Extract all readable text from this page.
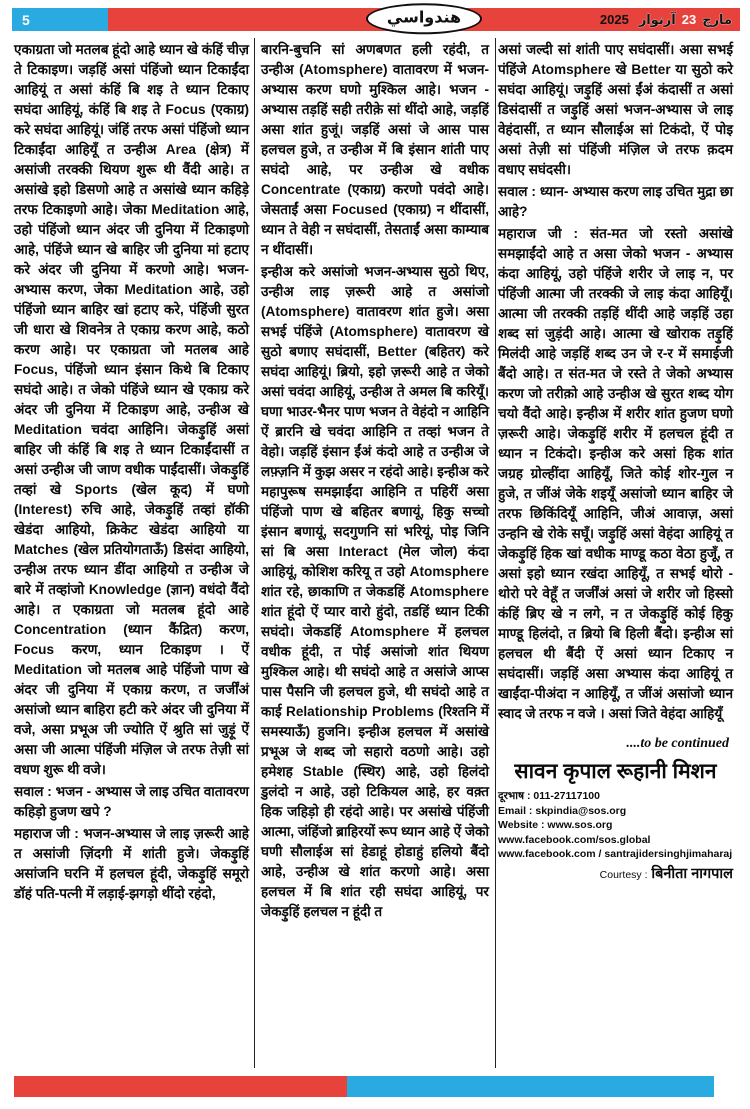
5	هندواسي	2025 آرتوار 23 مارچ

एकाग्रता जो मतलब हूंदो आहे ध्यान खे कंहिं चीज़ ते टिकाइण। जड़हिं असां पंहिंजो ध्यान टिकाईंदा आहियूं त असां कंहिं बि शइ ते ध्यान टिकाए सघंदा आहियूं, कंहिं बि शइ ते Focus (एकाग्र) करे सघंदा आहियूं। जंहिं तरफ असां पंहिंजो ध्यान टिकाईंदा आहियूँ त उन्हीअ Area (क्षेत्र) में असांजी तरक्की थियण शुरू थी वैंदी आहे। त असांखे इहो डिसणो आहे त असांखे ध्यान कहिड़े तरफ टिकाइणो आहे। जेका Meditation आहे, उहो पंहिंजो ध्यान अंदर जी दुनिया में टिकाइणो आहे, पंहिंजे ध्यान खे बाहिर जी दुनिया मां हटाए करे अंदर जी दुनिया में करणो आहे। भजन-अभ्यास करण, जेका Meditation आहे, उहो पंहिंजो ध्यान बाहिर खां हटाए करे, पंहिंजी सुरत जी धारा खे शिवनेत्र ते एकाग्र करण आहे, कठो करण आहे। पर एकाग्रता जो मतलब आहे Focus, पंहिंजो ध्यान इंसान किथे बि टिकाए सघंदो आहे। त जेको पंहिंजे ध्यान खे एकाग्र करे अंदर जी दुनिया में टिकाइण आहे, उन्हीअ खे Meditation चवंदा आहिनि। जेकड़ुहिं असां बाहिर जी कंहिं बि शइ ते ध्यान टिकाईंदासीं त असां उन्हीअ जी जाण वधीक पाईंदासीं। जेकड़ुहिं तव्हां खे Sports (खेल कूद) में घणो (Interest) रुचि आहे, जेकड़ुहिं तव्हां हॉकी खेडंदा आहियो, क्रिकेट खेडंदा आहियो या Matches (खेल प्रतियोगताऊँ) डिसंदा आहियो, उन्हीअ तरफ ध्यान डींदा आहियो त उन्हीअ जे बारे में तव्हांजो Knowledge (ज्ञान) वधंदो वैंदो आहे। त एकाग्रता जो मतलब हूंदो आहे Concentration (ध्यान कैंद्रित) करण, Focus करण, ध्यान टिकाइण । ऐं Meditation जो मतलब आहे पंहिंजो पाण खे अंदर जी दुनिया में एकाग्र करण, त जर्जींअं असांजो ध्यान बाहिरा हटी करे अंदर जी दुनिया में वजे, असा प्रभूअ जी ज्योति ऐं श्रुति सां जुड़ूं ऐं असा जी आत्मा पंहिंजी मंज़िल जे तरफ तेज़ी सां वधण शुरू थी वजे।

सवाल : भजन - अभ्यास जे लाइ उचित वातावरण कहिड़ो हुजण खपे ?

महाराज जी : भजन-अभ्यास जे लाइ ज़रूरी आहे त असांजी ज़िंदगी में शांती हुजे। जेकड़ुहिं असांजनि घरनि में हलचल हूंदी, जेकड़ुहिं समूरो डॉहं पति-पत्नी में लड़ाई-झगड़ो थींदो रहंदो,

बारनि-बुचनि सां अणबणत हली रहंदी, त उन्हीअ (Atomsphere) वातावरण में भजन-अभ्यास करण घणो मुश्किल आहे। भजन - अभ्यास तड़हिं सही तरीक़े सां थींदो आहे, जड़हिं असा शांत हुजूं। जड़हिं असां जे आस पास हलचल हुजे, त उन्हीअ में बि इंसान शांती पाए सघंदो आहे, पर उन्हीअ खे वधीक Concentrate (एकाग्र) करणो पवंदो आहे। जेसताईं असा Focused (एकाग्र) न थींदासीं, ध्यान ते वेही न सघंदासीं, तेसताईं असा काम्याब न थींदासीं।

इन्हीअ करे असांजो भजन-अभ्यास सुठो थिए, उन्हीअ लाइ ज़रूरी आहे त असांजो (Atomsphere) वातावरण शांत हुजे। असा सभई पंहिंजे (Atomsphere) वातावरण खे सुठो बणाए सघंदासीं, Better (बहितर) करे सघंदा आहियूं। ब्रियो, इहो ज़रूरी आहे त जेको असां चवंदा आहियूं, उन्हीअ ते अमल बि करियूँ। घणा भाउर-भैनर पाण भजन ते वेहंदो न आहिनि ऐं ब्रारनि खे चवंदा आहिनि त तव्हां भजन ते वेहो। जड़हिं इंसान ईंअं कंदो आहे त उन्हीअ जे लफ़्ज़नि में कुझ असर न रहंदो आहे। इन्हीअ करे महापुरूष समझाईंदा आहिनि त पहिरीं असा पंहिंजो पाण खे बहितर बणायूं, हिकु सच्चो इंसान बणायूं, सदगुणनि सां भरियूं, पोइ जिनि सां बि असा Interact (मेल जोल) कंदा आहियूं, कोशिश करियू त उहो Atomsphere शांत रहे, छाकाणि त जेकडहिं Atomsphere शांत हूंदो ऐं प्यार वारो हुंदो, तडहिं ध्यान टिकी सघंदो। जेकडहिं Atomsphere में हलचल वधीक हूंदी, त पोई असांजो शांत थियण मुश्किल आहे। थी सघंदो आहे त असांजे आप्स पास पैसनि जी हलचल हुजे, थी सघंदो आहे त काई Relationship Problems (रिश्तनि में समस्याऊँ) हुजनि। इन्हीअ हलचल में असांखे प्रभूअ जे शब्द जो सहारो वठणो आहे। उहो हमेशह Stable (स्थिर) आहे, उहो हिलंदो डुलंदो न आहे, उहो टिकियल आहे, हर वक़्त हिक जहिड़ो ही रहंदो आहे। पर असांखे पंहिंजी आत्मा, जंहिंजो ब्राहिरयों रूप ध्यान आहे ऐं जेको घणी सौलाईअ सां हेडाहूं होडाहुं हलियो बैंदो आहे, उन्हीअ खे शांत करणो आहे। असा हलचल में बि शांत रही सघंदा आहियूं, पर जेकड़ुहिं हलचल न हूंदी त

असां जल्दी सां शांती पाए सघंदासीं। असा सभई पंहिंजे Atomsphere खे Better या सुठो करे सघंदा आहियूं। जड़ुहिं असां ईंअं कंदासीं त असां डिसंदासीं त जड़ुहिं असां भजन-अभ्यास जे लाइ वेहंदासीं, त ध्यान सौलाईअ सां टिकंदो, ऐं पोइ असां तेज़ी सां पंहिंजी मंज़िल जे तरफ क़दम वधाए सघंदसी।

सवाल : ध्यान- अभ्यास करण लाइ उचित मुद्रा छा आहे?

महाराज जी : संत-मत जो रस्तो असांखे समझाईंदो आहे त असा जेको भजन - अभ्यास कंदा आहियूं, उहो पंहिंजे शरीर जे लाइ न, पर पंहिंजी आत्मा जी तरक्की जे लाइ कंदा आहियूँ। आत्मा जी तरक्की तड़हिं थींदी आहे जड़हिं उहा शब्द सां जुड़ंदी आहे। आत्मा खे खोराक तड़ुहिं मिलंदी आहे जड़हिं शब्द उन जे र-र में समाईजी बैंदो आहे। त संत-मत जे रस्ते ते जेको अभ्यास करण जो तरीक़ो आहे उन्हीअ खे सुरत शब्द योग चयो वैंदो आहे। इन्हीअ में शरीर शांत हुजण घणो ज़रूरी आहे। जेकड़ुहिं शरीर में हलचल हूंदी त ध्यान न टिकंदो। इन्हीअ करे असां हिक शांत जग्रह ग्रोल्हींदा आहियूँ, जिते कोई शोर-गुल न हुजे, त जींअं जेके शइयूँ असांजो ध्यान बाहिर जे तरफ छिकिंदियूँ आहिनि, जीअं आवाज़, असां उन्हनि खे रोके सघूँ। जड़ुहिं असां वेहंदा आहियूं त जेकड़ुहिं हिक खां वधीक माण्डू कठा वेठा हुजूँ, त असां इहो ध्यान रखंदा आहियूँ, त सभई थोरो - थोरो परे वेहूँ त जर्जींअं असां जे शरीर जो हिस्सो कंहिं ब्रिए खे न लगे, न त जेकड़ुहिं कोई हिकु माण्डू हिलंदो, त ब्रियो बि हिली बैंदो। इन्हीअ सां हलचल थी बैंदी ऐं असां ध्यान टिकाए न सघंदासीं। जड़हिं असा अभ्यास कंदा आहियूं त खाईंदा-पीअंदा न आहियूँ, त जींअं असांजो ध्यान स्वाद जे तरफ न वजे । असां जिते वेहंदा आहियूँ

....to be continued
सावन कृपाल रूहानी मिशन
दूरभाष : 011-27117100
Email : skpindia@sos.org
Website : www.sos.org
www.facebook.com/sos.global
www.facebook.com / santrajidersinghjimaharaj
Courtesy : बिनीता नागपाल
